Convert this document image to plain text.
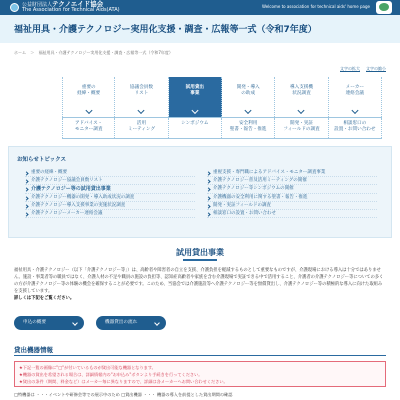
公益財団法人テクノエイド協会
The Association for Technical Aids(ATA)
Welcome to association for technical aids' home page
福祉用具・介護テクノロジー実用化支援・調査・広報等一式（令和7年度）
ホーム ＞ 福祉用具・介護テクノロジー実用化支援・調査・広報等一式（令和7年度）
文字の拡大 文字の縮小
重要の
経緯・概要
協議会員数
リスト
試用貸出
事業
開発・導入
の助成
導入支援機
状況調査
メーカー
連絡会議
アドバイス・
モニター調査
活用
ミーティング
シンポジウム	安全利用
聖書・報告・推進
開発・実証
フィールドの調査
相談窓口の
設置・お問い合わせ
お知らせトピックス
重要の経緯・概要
介護テクノロジー協議会員数リスト
介護テクノロジー等の試用貸出事業
介護テクノロジー機器の開発・導入助成状況の調査
介護テクノロジー導入支援事業の実施状況調査
介護テクノロジーメーカー連絡会議
重視支援・専門職によるアドバイス・モニター調査事業
介護テクノロジー普及活用ミーティングの開催
介護テクノロジー等シンポジウムの開催
介護機器の安全利用に関する聖書・報告・推進
開発・実証フィールドの調査
相談窓口の設置・お問い合わせ
試用貸出事業
福祉用具・介護テクノロジー（以下「介護テクノロジー等」）は、高齢者や障害者の自立を支援、介護負担を軽減するものとして重要なものですが、介護現場における導入は十分ではありません。施設・事業者等の職員ではなく、介護人材の不足や職員の施設の負担等、認知症高齢者や家族を含む介護現場で実証できる中で活用すること、介護者の介護テクノロジー等についての多くの方が介護テクノロジー等の体験の機会を確保することが必要です。このため、当協会では介護施設等へ介護テクノロジー等を無償貸出し、介護テクノロジー等の積極的な導入に向けた取組みを支援しています。
詳しくは下記をご覧ください。
申込の概要	機器貸出の流れ
貸出機器情報
★下記一覧の画像に"□"が付いているものが貸出可能な機器となります。
★機器の貸出を希望される場合は、詳細情報内の"お申込み"ボタンより手続きを行ってください。
★貸出の条件（期間、料金など）はメーカー毎に異なりますので、詳細は各メーカーへお問い合わせください。
□特機器は ・・・イベントや研修会等での展示中のため □貸出機器 ・・・ 機器の導入を前提とした貸出期間の確認
